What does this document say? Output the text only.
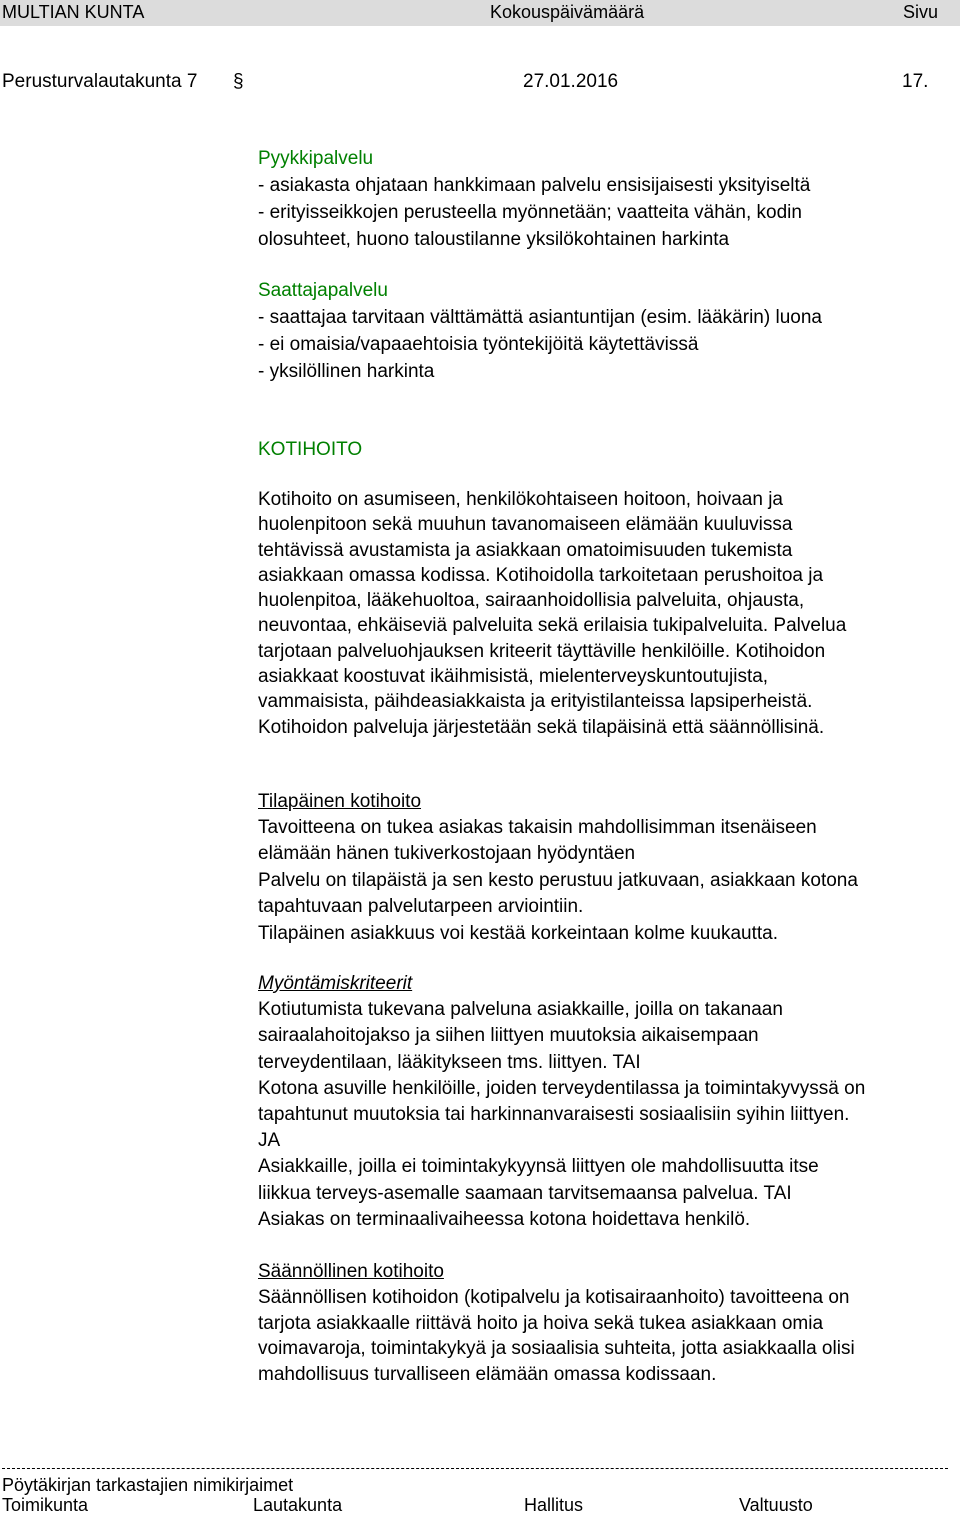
MULTIAN KUNTA	Kokouspäivämäärä	Sivu
Perusturvalautakunta 7 §	27.01.2016	17.

Pyykkipalvelu

- asiakasta ohjataan hankkimaan palvelu ensisijaisesti yksityiseltä

- erityisseikkojen perusteella myönnetään; vaatteita vähän, kodin

olosuhteet, huono taloustilanne yksilökohtainen harkinta

Saattajapalvelu

- saattajaa tarvitaan välttämättä asiantuntijan (esim. lääkärin) luona

- ei omaisia/vapaaehtoisia työntekijöitä käytettävissä

- yksilöllinen harkinta

KOTIHOITO

Kotihoito on asumiseen, henkilökohtaiseen hoitoon, hoivaan ja

huolenpitoon sekä muuhun tavanomaiseen elämään kuuluvissa

tehtävissä avustamista ja asiakkaan omatoimisuuden tukemista

asiakkaan omassa kodissa. Kotihoidolla tarkoitetaan perushoitoa ja

huolenpitoa, lääkehuoltoa, sairaanhoidollisia palveluita, ohjausta,

neuvontaa, ehkäiseviä palveluita sekä erilaisia tukipalveluita. Palvelua

tarjotaan palveluohjauksen kriteerit täyttäville henkilöille. Kotihoidon

asiakkaat koostuvat ikäihmisistä, mielenterveyskuntoutujista,

vammaisista, päihdeasiakkaista ja erityistilanteissa lapsiperheistä.

Kotihoidon palveluja järjestetään sekä tilapäisinä että säännöllisinä.

Tilapäinen kotihoito

Tavoitteena on tukea asiakas takaisin mahdollisimman itsenäiseen

elämään hänen tukiverkostojaan hyödyntäen

Palvelu on tilapäistä ja sen kesto perustuu jatkuvaan, asiakkaan kotona

tapahtuvaan palvelutarpeen arviointiin.

Tilapäinen asiakkuus voi kestää korkeintaan kolme kuukautta.

Myöntämiskriteerit

Kotiutumista tukevana palveluna asiakkaille, joilla on takanaan

sairaalahoitojakso ja siihen liittyen muutoksia aikaisempaan

terveydentilaan, lääkitykseen tms. liittyen. TAI

Kotona asuville henkilöille, joiden terveydentilassa ja toimintakyvyssä on

tapahtunut muutoksia tai harkinnanvaraisesti sosiaalisiin syihin liittyen.

JA

Asiakkaille, joilla ei toimintakykyynsä liittyen ole mahdollisuutta itse

liikkua terveys-asemalle saamaan tarvitsemaansa palvelua. TAI

Asiakas on terminaalivaiheessa kotona hoidettava henkilö.

Säännöllinen kotihoito

Säännöllisen kotihoidon (kotipalvelu ja kotisairaanhoito) tavoitteena on

tarjota asiakkaalle riittävä hoito ja hoiva sekä tukea asiakkaan omia

voimavaroja, toimintakykyä ja sosiaalisia suhteita, jotta asiakkaalla olisi

mahdollisuus turvalliseen elämään omassa kodissaan.

Pöytäkirjan tarkastajien nimikirjaimet
Toimikunta	Lautakunta	Hallitus	Valtuusto
